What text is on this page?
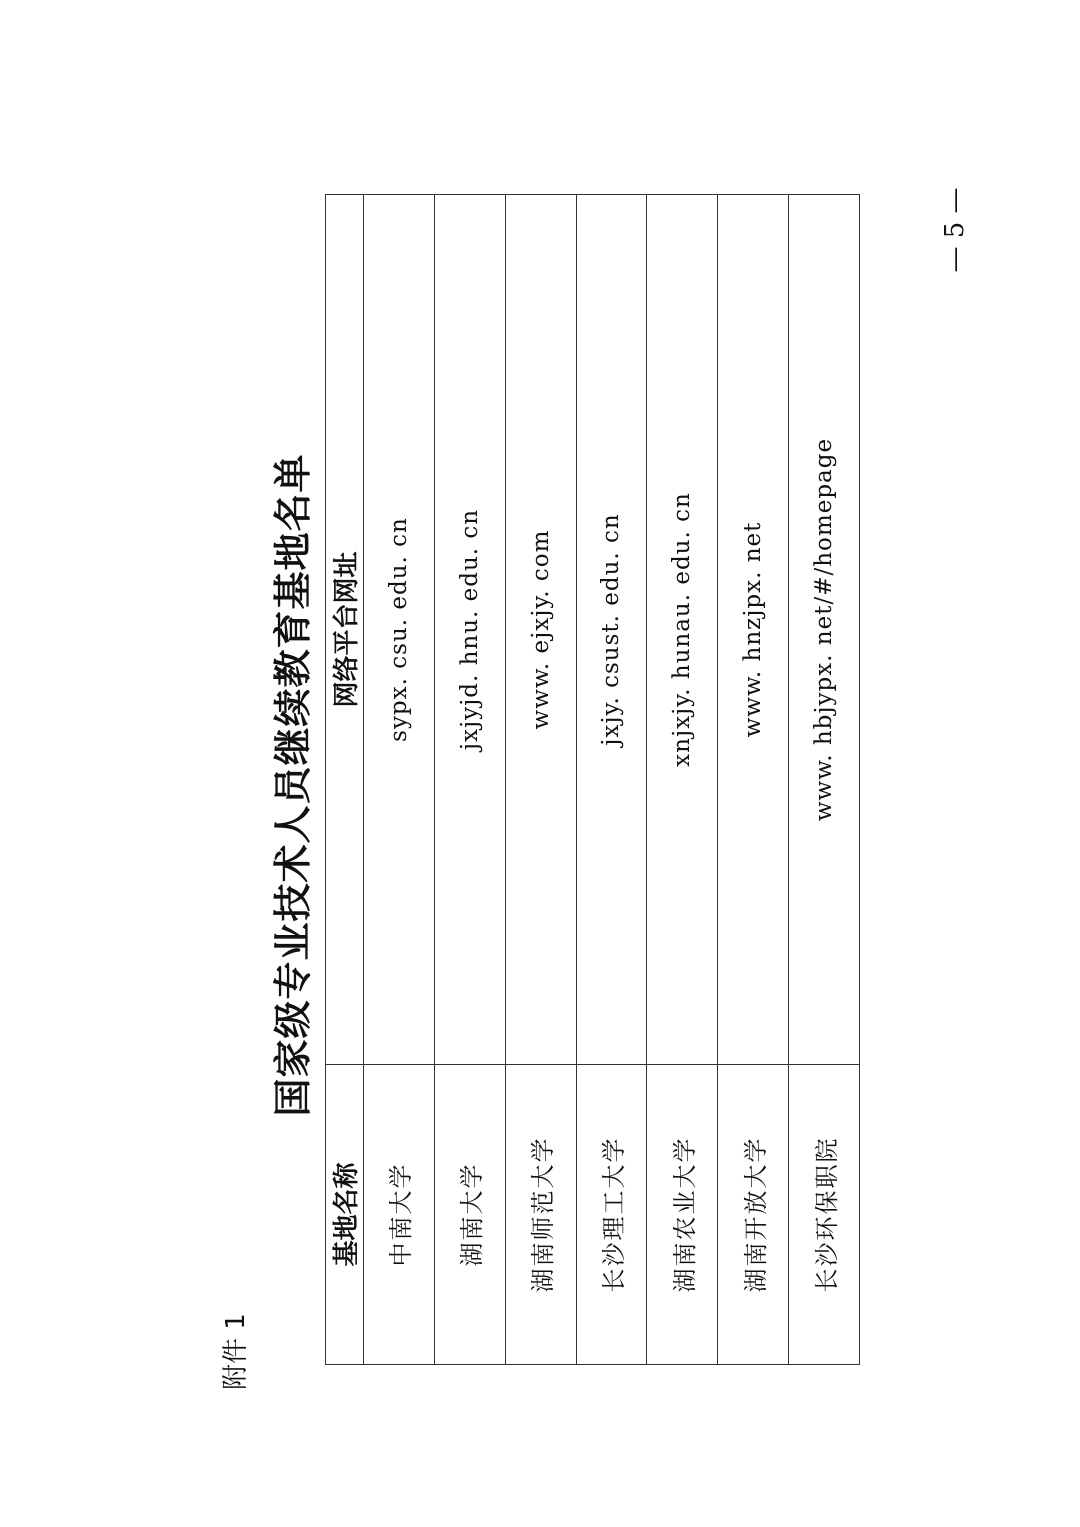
附件 1
国家级专业技术人员继续教育基地名单
基地名称	网络平台网址
中南大学	sypx. csu. edu. cn
湖南大学	jxjyjd. hnu. edu. cn
湖南师范大学	www. ejxjy. com
长沙理工大学	jxjy. csust. edu. cn
湖南农业大学	xnjxjy. hunau. edu. cn
湖南开放大学	www. hnzjpx. net
长沙环保职院	www. hbjypx. net/#/homepage
— 5 —
